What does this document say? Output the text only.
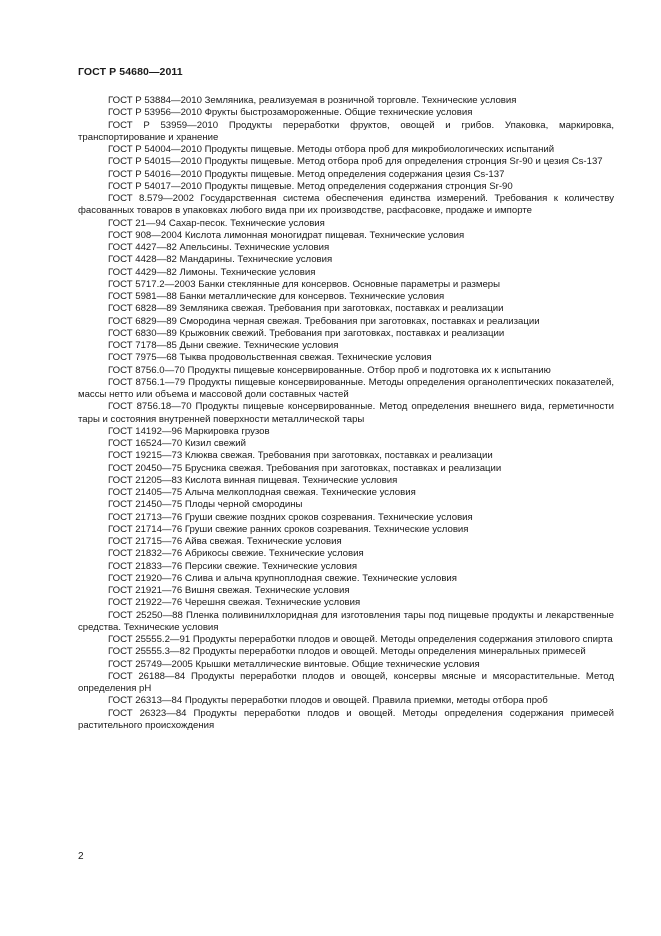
ГОСТ Р 54680—2011

ГОСТ Р 53884—2010 Земляника, реализуемая в розничной торговле. Технические условия

ГОСТ Р 53956—2010 Фрукты быстрозамороженные. Общие технические условия

ГОСТ Р 53959—2010 Продукты переработки фруктов, овощей и грибов. Упаковка, маркировка, транспортирование и хранение

ГОСТ Р 54004—2010 Продукты пищевые. Методы отбора проб для микробиологических испытаний

ГОСТ Р 54015—2010 Продукты пищевые. Метод отбора проб для определения стронция Sr-90 и цезия Cs-137

ГОСТ Р 54016—2010 Продукты пищевые. Метод определения содержания цезия Cs-137

ГОСТ Р 54017—2010 Продукты пищевые. Метод определения содержания стронция Sr-90

ГОСТ 8.579—2002 Государственная система обеспечения единства измерений. Требования к количеству фасованных товаров в упаковках любого вида при их производстве, расфасовке, продаже и импорте

ГОСТ 21—94 Сахар-песок. Технические условия

ГОСТ 908—2004 Кислота лимонная моногидрат пищевая. Технические условия

ГОСТ 4427—82 Апельсины. Технические условия

ГОСТ 4428—82 Мандарины. Технические условия

ГОСТ 4429—82 Лимоны. Технические условия

ГОСТ 5717.2—2003 Банки стеклянные для консервов. Основные параметры и размеры

ГОСТ 5981—88 Банки металлические для консервов. Технические условия

ГОСТ 6828—89 Земляника свежая. Требования при заготовках, поставках и реализации

ГОСТ 6829—89 Смородина черная свежая. Требования при заготовках, поставках и реализации

ГОСТ 6830—89 Крыжовник свежий. Требования при заготовках, поставках и реализации

ГОСТ 7178—85 Дыни свежие. Технические условия

ГОСТ 7975—68 Тыква продовольственная свежая. Технические условия

ГОСТ 8756.0—70 Продукты пищевые консервированные. Отбор проб и подготовка их к испытанию

ГОСТ 8756.1—79 Продукты пищевые консервированные. Методы определения органолептических показателей, массы нетто или объема и массовой доли составных частей

ГОСТ 8756.18—70 Продукты пищевые консервированные. Метод определения внешнего вида, герметичности тары и состояния внутренней поверхности металлической тары

ГОСТ 14192—96 Маркировка грузов

ГОСТ 16524—70 Кизил свежий

ГОСТ 19215—73 Клюква свежая. Требования при заготовках, поставках и реализации

ГОСТ 20450—75 Брусника свежая. Требования при заготовках, поставках и реализации

ГОСТ 21205—83 Кислота винная пищевая. Технические условия

ГОСТ 21405—75 Алыча мелкоплодная свежая. Технические условия

ГОСТ 21450—75 Плоды черной смородины

ГОСТ 21713—76 Груши свежие поздних сроков созревания. Технические условия

ГОСТ 21714—76 Груши свежие ранних сроков созревания. Технические условия

ГОСТ 21715—76 Айва свежая. Технические условия

ГОСТ 21832—76 Абрикосы свежие. Технические условия

ГОСТ 21833—76 Персики свежие. Технические условия

ГОСТ 21920—76 Слива и алыча крупноплодная свежие. Технические условия

ГОСТ 21921—76 Вишня свежая. Технические условия

ГОСТ 21922—76 Черешня свежая. Технические условия

ГОСТ 25250—88 Пленка поливинилхлоридная для изготовления тары под пищевые продукты и лекарственные средства. Технические условия

ГОСТ 25555.2—91 Продукты переработки плодов и овощей. Методы определения содержания этилового спирта

ГОСТ 25555.3—82 Продукты переработки плодов и овощей. Методы определения минеральных примесей

ГОСТ 25749—2005 Крышки металлические винтовые. Общие технические условия

ГОСТ 26188—84 Продукты переработки плодов и овощей, консервы мясные и мясорастительные. Метод определения pH

ГОСТ 26313—84 Продукты переработки плодов и овощей. Правила приемки, методы отбора проб

ГОСТ 26323—84 Продукты переработки плодов и овощей. Методы определения содержания примесей растительного происхождения

2
